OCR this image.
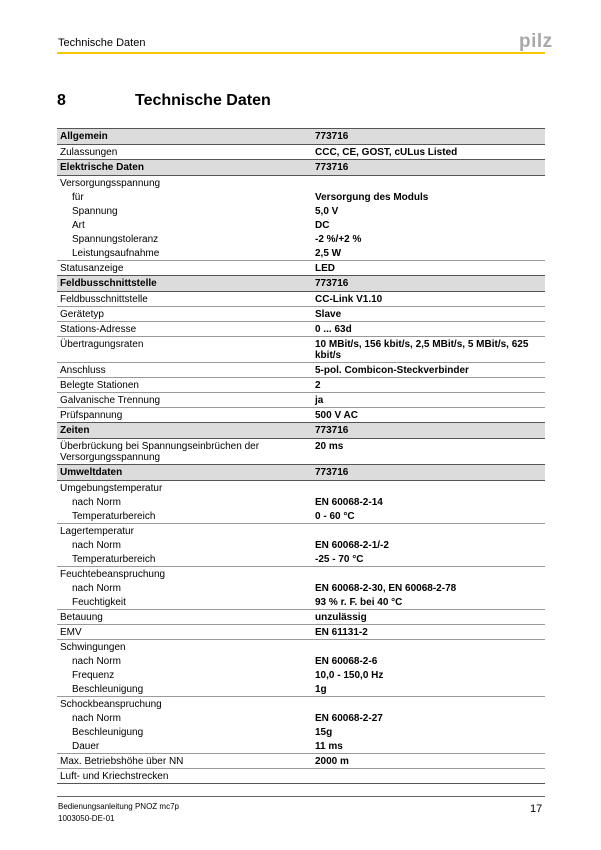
Technische Daten	pilz
8	Technische Daten
Allgemein	773716
Zulassungen	CCC, CE, GOST, cULus Listed
Elektrische Daten	773716
Versorgungsspannung	
für	Versorgung des Moduls
Spannung	5,0 V
Art	DC
Spannungstoleranz	-2 %/+2 %
Leistungsaufnahme	2,5 W
Statusanzeige	LED
Feldbusschnittstelle	773716
Feldbusschnittstelle	CC-Link V1.10
Gerätetyp	Slave
Stations-Adresse	0 ... 63d
Übertragungsraten	10 MBit/s, 156 kbit/s, 2,5 MBit/s, 5 MBit/s, 625 kbit/s
Anschluss	5-pol. Combicon-Steckverbinder
Belegte Stationen	2
Galvanische Trennung	ja
Prüfspannung	500 V AC
Zeiten	773716
Überbrückung bei Spannungseinbrüchen der Versorgungsspannung	20 ms
Umweltdaten	773716
Umgebungstemperatur	
nach Norm	EN 60068-2-14
Temperaturbereich	0 - 60 °C
Lagertemperatur	
nach Norm	EN 60068-2-1/-2
Temperaturbereich	-25 - 70 °C
Feuchtebeanspruchung	
nach Norm	EN 60068-2-30, EN 60068-2-78
Feuchtigkeit	93 % r. F. bei 40 °C
Betauung	unzulässig
EMV	EN 61131-2
Schwingungen	
nach Norm	EN 60068-2-6
Frequenz	10,0 - 150,0 Hz
Beschleunigung	1g
Schockbeanspruchung	
nach Norm	EN 60068-2-27
Beschleunigung	15g
Dauer	11 ms
Max. Betriebshöhe über NN	2000 m
Luft- und Kriechstrecken	
Bedienungsanleitung PNOZ mc7p
1003050-DE-01
17
